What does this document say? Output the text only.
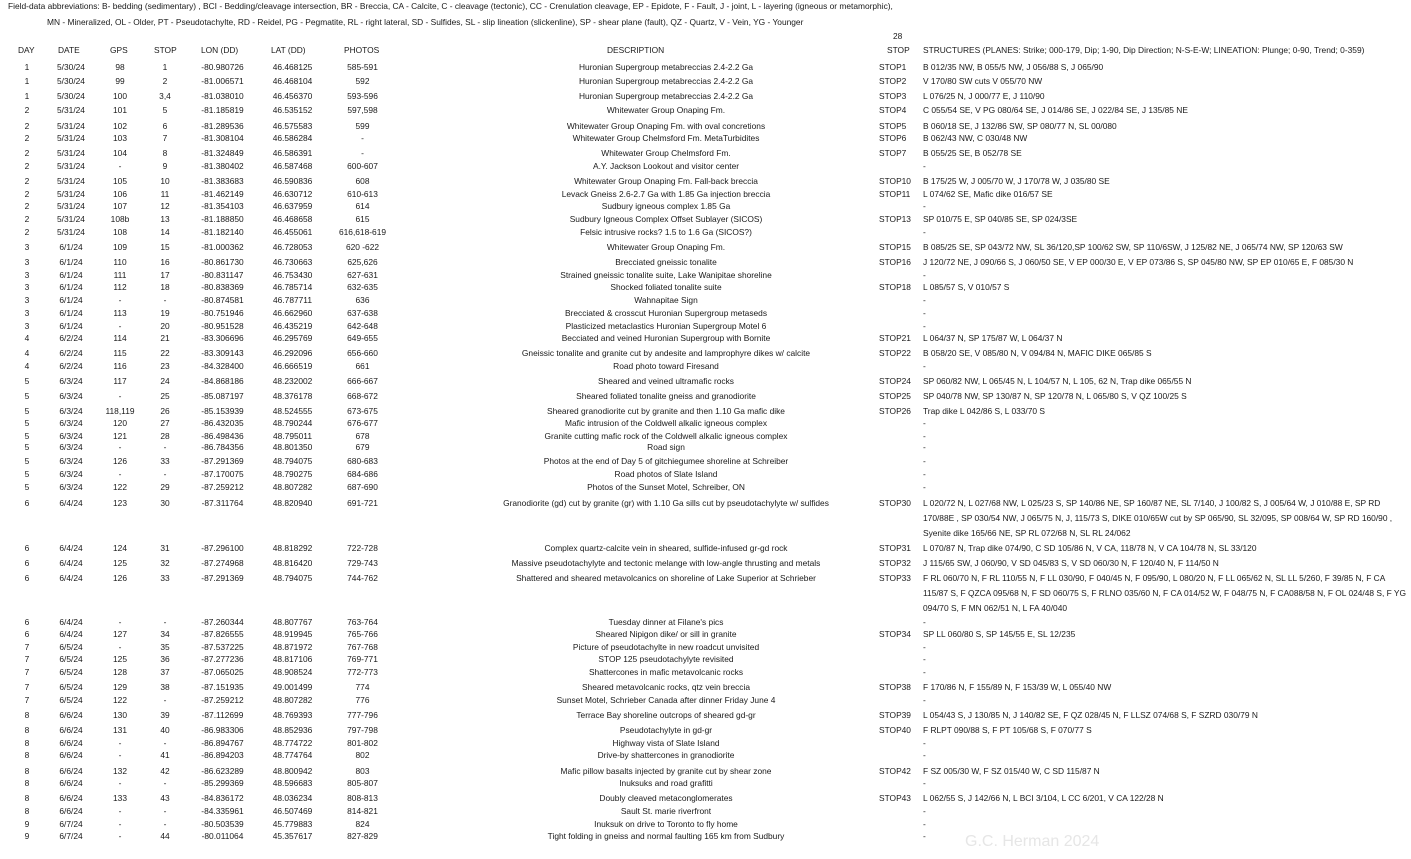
Field-data abbreviations: B- bedding (sedimentary) , BCI - Bedding/cleavage intersection, BR - Breccia, CA - Calcite, C - cleavage (tectonic), CC - Crenulation cleavage, EP - Epidote, F - Fault, J - joint, L - layering (igneous or metamorphic),
MN - Mineralized, OL - Older, PT - Pseudotachylte, RD - Reidel, PG - Pegmatite, RL - right lateral, SD - Sulfides, SL - slip lineation (slickenline), SP - shear plane (fault), QZ - Quartz, V - Vein, YG - Younger
28
DAY	DATE	GPS	STOP	LON (DD)	LAT (DD)	PHOTOS	DESCRIPTION	STOP STRUCTURES (PLANES: Strike; 000-179, Dip; 1-90, Dip Direction; N-S-E-W; LINEATION: Plunge; 0-90, Trend; 0-359)
1	5/30/24	98	1	-80.980726	46.468125	585-591	Huronian Supergroup metabreccias 2.4-2.2 Ga	STOP1	B 012/35 NW, B 055/5 NW, J 056/88 S, J 065/90
1	5/30/24	99	2	-81.006571	46.468104	592	Huronian Supergroup metabreccias 2.4-2.2 Ga	STOP2	V 170/80 SW cuts V 055/70 NW
1	5/30/24	100	3,4	-81.038010	46.456370	593-596	Huronian Supergroup metabreccias 2.4-2.2 Ga	STOP3	L 076/25 N, J 000/77 E, J 110/90
2	5/31/24	101	5	-81.185819	46.535152	597,598	Whitewater Group Onaping Fm.	STOP4	C 055/54 SE, V PG 080/64 SE, J 014/86 SE, J 022/84 SE, J 135/85 NE
2	5/31/24	102	6	-81.289536	46.575583	599	Whitewater Group Onaping Fm. with oval concretions	STOP5	B 060/18 SE, J 132/86 SW, SP 080/77 N, SL 00/080
2	5/31/24	103	7	-81.308104	46.586284	-	Whitewater Group Chelmsford Fm. MetaTurbidites	STOP6	B 062/43 NW, C 030/48 NW
2	5/31/24	104	8	-81.324849	46.586391	-	Whitewater Group Chelmsford Fm.	STOP7	B 055/25 SE, B 052/78 SE
2	5/31/24	-	9	-81.380402	46.587468	600-607	A.Y. Jackson Lookout and visitor center	-
2	5/31/24	105	10	-81.383683	46.590836	608	Whitewater Group Onaping Fm. Fall-back breccia	STOP10	B 175/25 W, J 005/70 W, J 170/78 W, J 035/80 SE
2	5/31/24	106	11	-81.462149	46.630712	610-613	Levack Gneiss 2.6-2.7 Ga with 1.85 Ga injection breccia	STOP11	L 074/62 SE, Mafic dike 016/57 SE
2	5/31/24	107	12	-81.354103	46.637959	614	Sudbury igneous complex 1.85 Ga	-
2	5/31/24	108b	13	-81.188850	46.468658	615	Sudbury Igneous Complex Offset Sublayer (SICOS)	STOP13	SP 010/75 E, SP 040/85 SE, SP 024/3SE
2	5/31/24	108	14	-81.182140	46.455061	616,618-619	Felsic intrusive rocks? 1.5 to 1.6 Ga (SICOS?)	-
3	6/1/24	109	15	-81.000362	46.728053	620 -622	Whitewater Group Onaping Fm.	STOP15	B 085/25 SE, SP 043/72 NW, SL 36/120,SP 100/62 SW, SP 110/6SW, J 125/82 NE, J 065/74 NW, SP 120/63 SW
3	6/1/24	110	16	-80.861730	46.730663	625,626	Brecciated gneissic tonalite	STOP16	J 120/72 NE, J 090/66 S, J 060/50 SE, V EP 000/30 E, V EP 073/86 S, SP 045/80 NW, SP EP 010/65 E, F 085/30 N
3	6/1/24	111	17	-80.831147	46.753430	627-631	Strained gneissic tonalite suite, Lake Wanipitae shoreline	-
3	6/1/24	112	18	-80.838369	46.785714	632-635	Shocked foliated tonalite suite	STOP18	L 085/57 S, V 010/57 S
3	6/1/24	-	-	-80.874581	46.787711	636	Wahnapitae Sign	-
3	6/1/24	113	19	-80.751946	46.662960	637-638	Brecciated & crosscut Huronian Supergroup metaseds	-
3	6/1/24	-	20	-80.951528	46.435219	642-648	Plasticized metaclastics Huronian Supergroup Motel 6	-
4	6/2/24	114	21	-83.306696	46.295769	649-655	Becciated and veined Huronian Supergroup with Bornite	STOP21	L 064/37 N, SP 175/87 W, L 064/37 N
4	6/2/24	115	22	-83.309143	46.292096	656-660	Gneissic tonalite and granite cut by andesite and lamprophyre dikes w/ calcite	STOP22	B 058/20 SE, V 085/80 N, V 094/84 N, MAFIC DIKE 065/85 S
4	6/2/24	116	23	-84.328400	46.666519	661	Road photo toward Firesand	-
5	6/3/24	117	24	-84.868186	48.232002	666-667	Sheared and veined ultramafic rocks	STOP24	SP 060/82 NW, L 065/45 N, L 104/57 N, L 105, 62 N, Trap dike 065/55 N
5	6/3/24	-	25	-85.087197	48.376178	668-672	Sheared foliated tonalite gneiss and granodiorite	STOP25	SP 040/78 NW, SP 130/87 N, SP 120/78 N, L 065/80 S, V QZ 100/25 S
5	6/3/24	118,119	26	-85.153939	48.524555	673-675	Sheared granodiorite cut by granite and then 1.10 Ga mafic dike	STOP26	Trap dike L 042/86 S, L 033/70 S
5	6/3/24	120	27	-86.432035	48.790244	676-677	Mafic intrusion of the Coldwell alkalic igneous complex	-
5	6/3/24	121	28	-86.498436	48.795011	678	Granite cutting mafic rock of the Coldwell alkalic igneous complex	-
5	6/3/24	-	-	-86.784356	48.801350	679	Road sign	-
5	6/3/24	126	33	-87.291369	48.794075	680-683	Photos at the end of Day 5 of gitchiegumee shoreline at Schreiber	-
5	6/3/24	-	-	-87.170075	48.790275	684-686	Road photos of Slate Island	-
5	6/3/24	122	29	-87.259212	48.807282	687-690	Photos of the Sunset Motel, Schreiber, ON	-
6	6/4/24	123	30	-87.311764	48.820940	691-721	Granodiorite (gd) cut by granite (gr) with 1.10 Ga sills cut by pseudotachylyte w/ sulfides	STOP30	L 020/72 N, L 027/68 NW, L 025/23 S, SP 140/86 NE, SP 160/87 NE, SL 7/140, J 100/82 S, J 005/64 W, J 010/88 E, SP RD 170/88E , SP 030/54 NW, J 065/75 N, J, 115/73 S, DIKE 010/65W cut by SP 065/90, SL 32/095, SP 008/64 W, SP RD 160/90 , Syenite dike 165/66 NE, SP RL 072/68 N, SL RL 24/062
6	6/4/24	124	31	-87.296100	48.818292	722-728	Complex quartz-calcite vein in sheared, sulfide-infused gr-gd rock	STOP31	L 070/87 N, Trap dike 074/90, C SD 105/86 N, V CA, 118/78 N, V CA 104/78 N, SL 33/120
6	6/4/24	125	32	-87.274968	48.816420	729-743	Massive pseudotachylyte and tectonic melange with low-angle thrusting and metals	STOP32	J 115/65 SW, J 060/90, V SD 045/83 S, V SD 060/30 N, F 120/40 N, F 114/50 N
6	6/4/24	126	33	-87.291369	48.794075	744-762	Shattered and sheared metavolcanics on shoreline of Lake Superior at Schrieber	STOP33	F RL 060/70 N, F RL 110/55 N, F LL 030/90, F 040/45 N, F 095/90, L 080/20 N, F LL 065/62 N, SL LL 5/260, F 39/85 N, F CA 115/87 S, F QZCA 095/68 N, F SD 060/75 S, F RLNO 035/60 N, F CA 014/52 W, F 048/75 N, F CA088/58 N, F OL 024/48 S, F YG 094/70 S, F MN 062/51 N, L FA 40/040
6	6/4/24	-	-	-87.260344	48.807767	763-764	Tuesday dinner at Filane's pics	-
6	6/4/24	127	34	-87.826555	48.919945	765-766	Sheared Nipigon dike/ or sill in granite	STOP34	SP LL 060/80 S, SP 145/55 E, SL 12/235
7	6/5/24	-	35	-87.537225	48.871972	767-768	Picture of pseudotachylte in new roadcut unvisited	-
7	6/5/24	125	36	-87.277236	48.817106	769-771	STOP 125 pseudotachylyte revisited	-
7	6/5/24	128	37	-87.065025	48.908524	772-773	Shattercones in mafic metavolcanic rocks	-
7	6/5/24	129	38	-87.151935	49.001499	774	Sheared metavolcanic rocks, qtz vein breccia	STOP38	F 170/86 N, F 155/89 N, F 153/39 W, L 055/40 NW
7	6/5/24	122	-	-87.259212	48.807282	776	Sunset Motel, Schrieber Canada after dinner Friday June 4	-
8	6/6/24	130	39	-87.112699	48.769393	777-796	Terrace Bay shoreline outcrops of sheared gd-gr	STOP39	L 054/43 S, J 130/85 N, J 140/82 SE, F QZ 028/45 N, F LLSZ 074/68 S, F SZRD 030/79 N
8	6/6/24	131	40	-86.983306	48.852936	797-798	Pseudotachylyte in gd-gr	STOP40	F RLPT 090/88 S, F PT 105/68 S, F 070/77 S
8	6/6/24	-	-	-86.894767	48.774722	801-802	Highway vista of Slate Island	-
8	6/6/24	-	41	-86.894203	48.774764	802	Drive-by shattercones in granodiorite	-
8	6/6/24	132	42	-86.623289	48.800942	803	Mafic pillow basalts injected by granite cut by shear zone	STOP42	F SZ 005/30 W, F SZ 015/40 W, C SD 115/87 N
8	6/6/24	-	-	-85.299369	48.596683	805-807	Inuksuks and road grafitti	-
8	6/6/24	133	43	-84.836172	48.036234	808-813	Doubly cleaved metaconglomerates	STOP43	L 062/55 S, J 142/66 N, L BCI 3/104, L CC 6/201, V CA 122/28 N
8	6/6/24	-	-	-84.335961	46.507469	814-821	Sault St. marie riverfront	-
9	6/7/24	-	-	-80.503539	45.779883	824	Inuksuk on drive to Toronto to fly home	-
9	6/7/24	-	44	-80.011064	45.357617	827-829	Tight folding in gneiss and normal faulting 165 km from Sudbury	-	G.C. Herman 2024
